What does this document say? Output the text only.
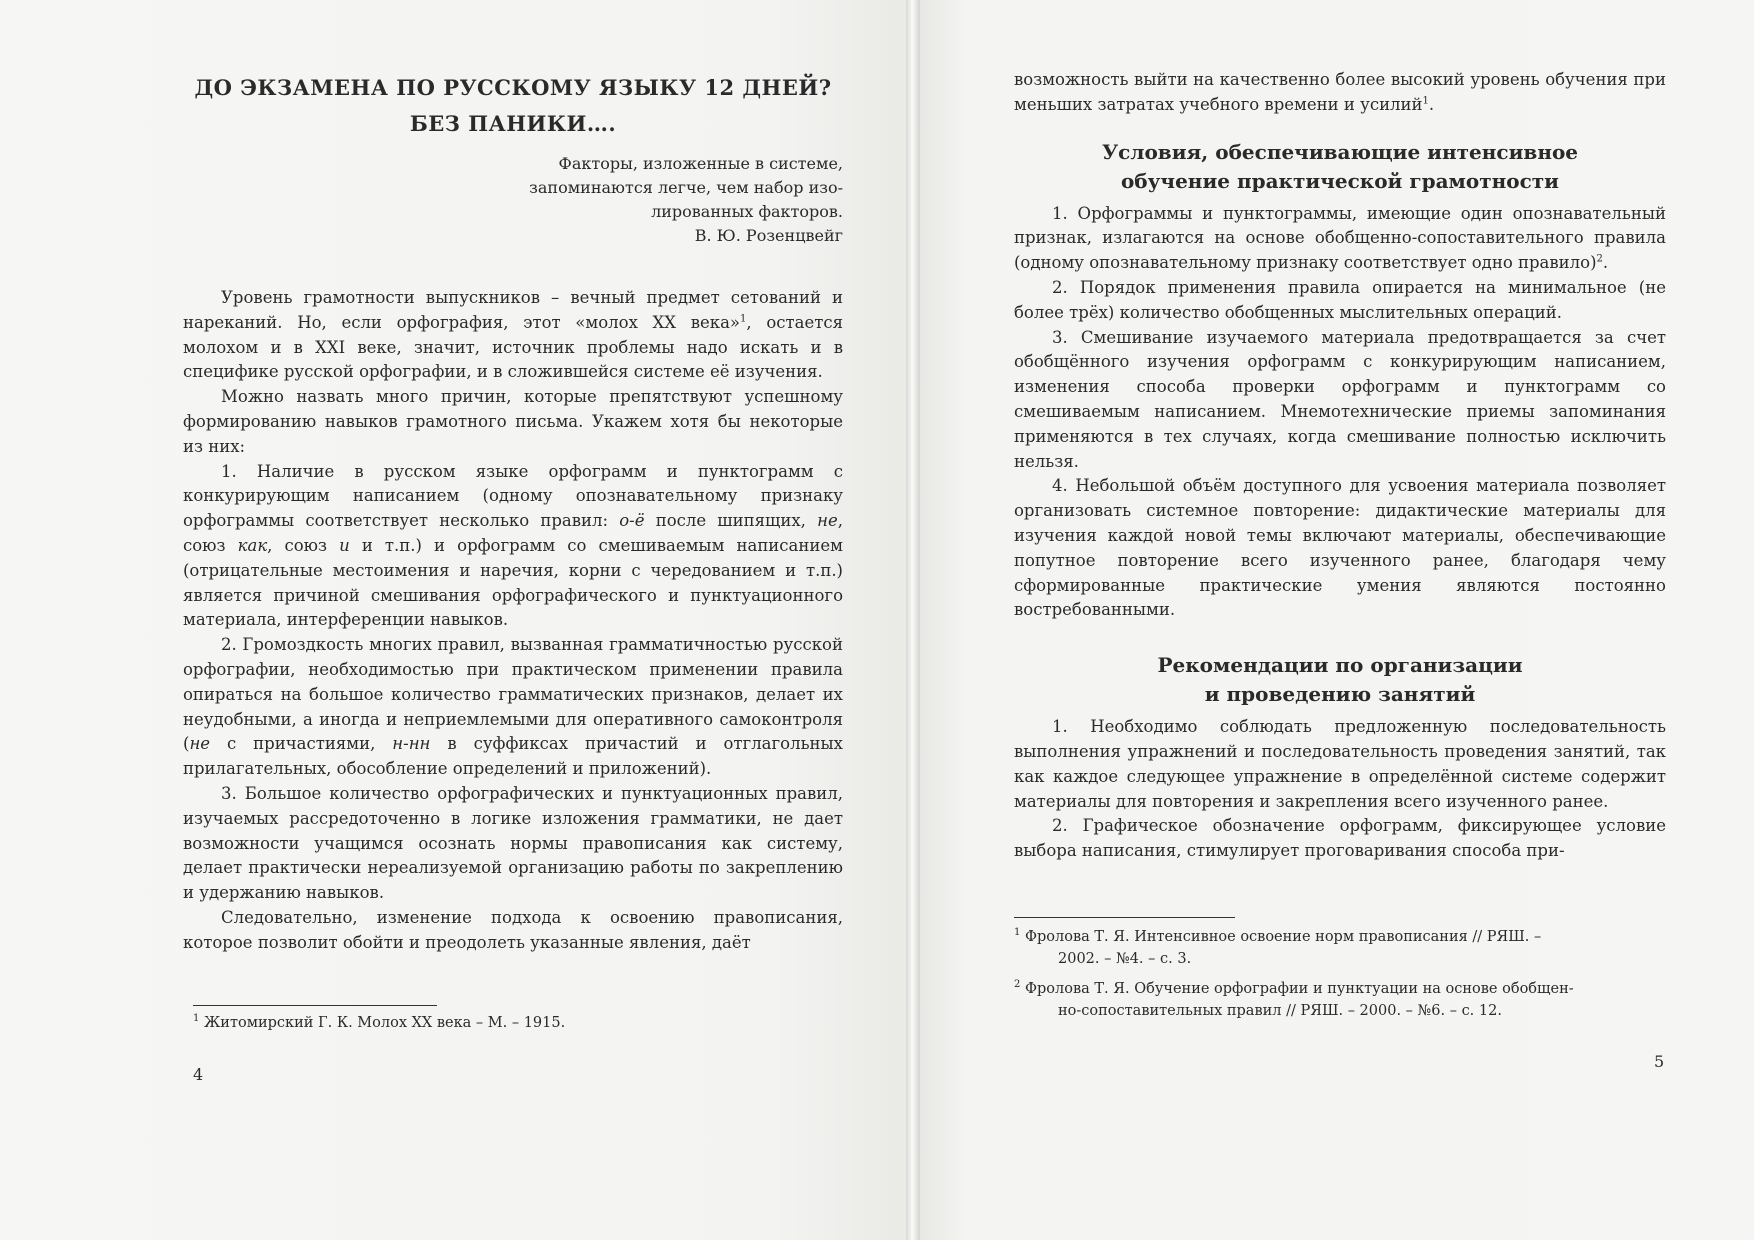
ДО ЭКЗАМЕНА ПО РУССКОМУ ЯЗЫКУ 12 ДНЕЙ?
БЕЗ ПАНИКИ….
Факторы, изложенные в системе,
запоминаются легче, чем набор изо-
лированных факторов.
В. Ю. Розенцвейг

Уровень грамотности выпускников – вечный предмет сетований и нареканий. Но, если орфография, этот «молох XX века»$^1$, остается молохом и в XXI веке, значит, источник проблемы надо искать и в специфике русской орфографии, и в сложившейся системе её изучения.

Можно назвать много причин, которые препятствуют успешному формированию навыков грамотного письма. Укажем хотя бы некоторые из них:

1. Наличие в русском языке орфограмм и пунктограмм с конкурирующим написанием (одному опознавательному признаку орфограммы соответствует несколько правил: о-ё после шипящих, не, союз как, союз и и т.п.) и орфограмм со смешиваемым написанием (отрицательные местоимения и наречия, корни с чередованием и т.п.) является причиной смешивания орфографического и пунктуационного материала, интерференции навыков.

2. Громоздкость многих правил, вызванная грамматичностью русской орфографии, необходимостью при практическом применении правила опираться на большое количество грамматических признаков, делает их неудобными, а иногда и неприемлемыми для оперативного самоконтроля (не с причастиями, н-нн в суффиксах причастий и отглагольных прилагательных, обособление определений и приложений).

3. Большое количество орфографических и пунктуационных правил, изучаемых рассредоточенно в логике изложения грамматики, не дает возможности учащимся осознать нормы правописания как систему, делает практически нереализуемой организацию работы по закреплению и удержанию навыков.

Следовательно, изменение подхода к освоению правописания, которое позволит обойти и преодолеть указанные явления, даёт

$^1$ Житомирский Г. К. Молох XX века – М. – 1915.

4

возможность выйти на качественно более высокий уровень обучения при меньших затратах учебного времени и усилий$^1$.

Условия, обеспечивающие интенсивное
обучение практической грамотности

1. Орфограммы и пунктограммы, имеющие один опознавательный признак, излагаются на основе обобщенно-сопоставительного правила (одному опознавательному признаку соответствует одно правило)$^2$.

2. Порядок применения правила опирается на минимальное (не более трёх) количество обобщенных мыслительных операций.

3. Смешивание изучаемого материала предотвращается за счет обобщённого изучения орфограмм с конкурирующим написанием, изменения способа проверки орфограмм и пунктограмм со смешиваемым написанием. Мнемотехнические приемы запоминания применяются в тех случаях, когда смешивание полностью исключить нельзя.

4. Небольшой объём доступного для усвоения материала позволяет организовать системное повторение: дидактические материалы для изучения каждой новой темы включают материалы, обеспечивающие попутное повторение всего изученного ранее, благодаря чему сформированные практические умения являются постоянно востребованными.

Рекомендации по организации
и проведению занятий

1. Необходимо соблюдать предложенную последовательность выполнения упражнений и последовательность проведения занятий, так как каждое следующее упражнение в определённой системе содержит материалы для повторения и закрепления всего изученного ранее.

2. Графическое обозначение орфограмм, фиксирующее условие выбора написания, стимулирует проговаривания способа при-

$^1$ Фролова Т. Я. Интенсивное освоение норм правописания // РЯШ. –
2002. – №4. – с. 3.

$^2$ Фролова Т. Я. Обучение орфографии и пунктуации на основе обобщен-
но-сопоставительных правил // РЯШ. – 2000. – №6. – с. 12.

5
